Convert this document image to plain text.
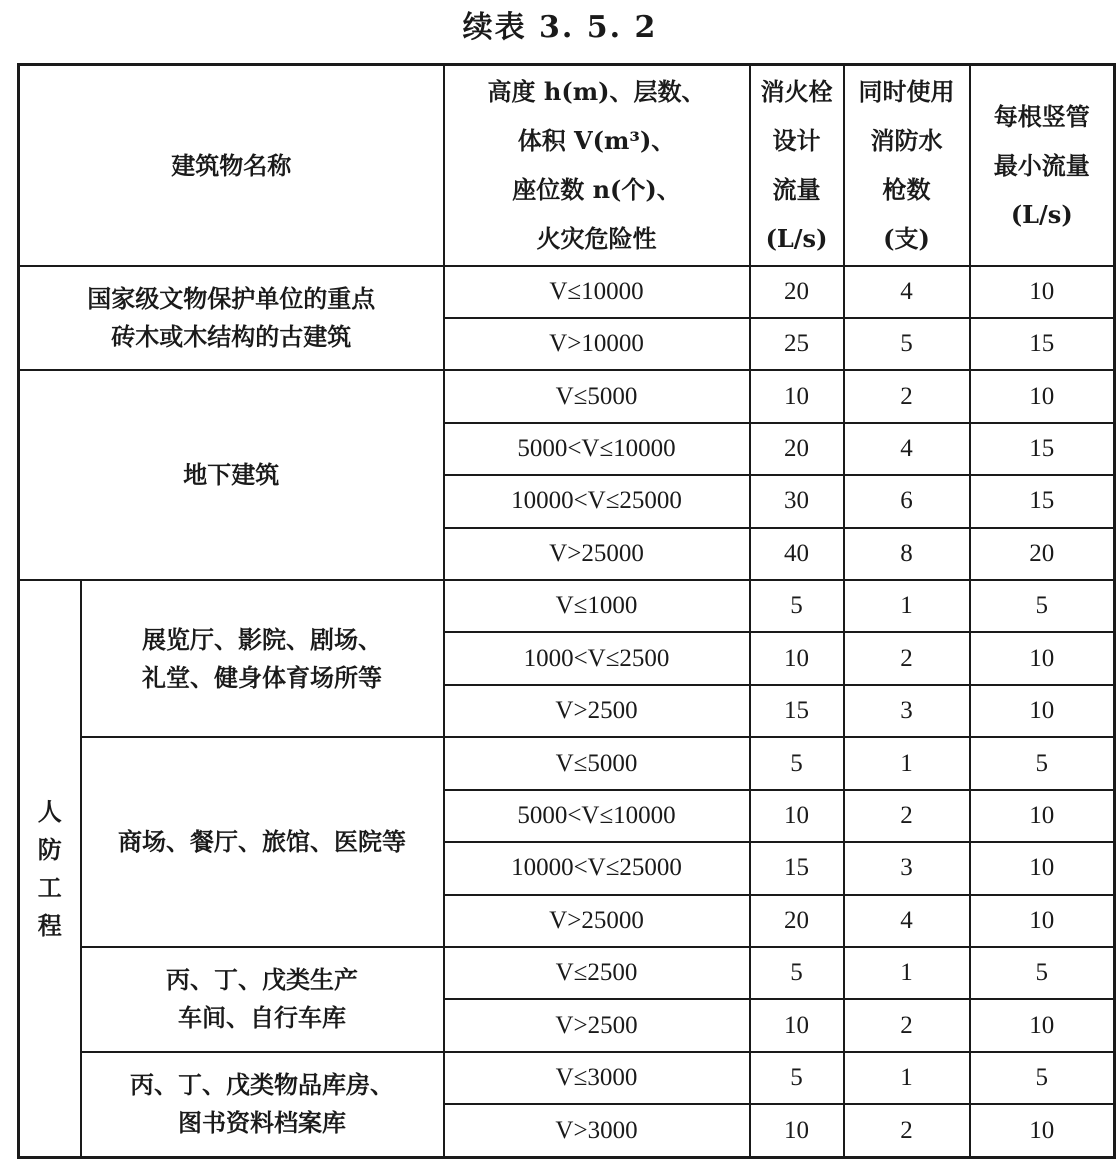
续表 3. 5. 2
建筑物名称		高度 h(m)、层数、
体积 V(m³)、
座位数 n(个)、
火灾危险性	消火栓
设计
流量
(L/s)	同时使用
消防水
枪数
(支)	每根竖管
最小流量
(L/s)

国家级文物保护单位的重点
砖木或木结构的古建筑		V≤10000	20	4	10
		V>10000	25	5	15
地下建筑		V≤5000	10	2	10
		5000<V≤10000	20	4	15
		10000<V≤25000	30	6	15
		V>25000	40	8	20

人
防
工
程	展览厅、影院、剧场、
礼堂、健身体育场所等	V≤1000	5	1	5
		1000<V≤2500	10	2	10
		V>2500	15	3	10
	商场、餐厅、旅馆、医院等	V≤5000	5	1	5
		5000<V≤10000	10	2	10
		10000<V≤25000	15	3	10
		V>25000	20	4	10

	丙、丁、戊类生产
车间、自行车库	V≤2500	5	1	5
		V>2500	10	2	10

	丙、丁、戊类物品库房、
图书资料档案库	V≤3000	5	1	5
		V>3000	10	2	10
